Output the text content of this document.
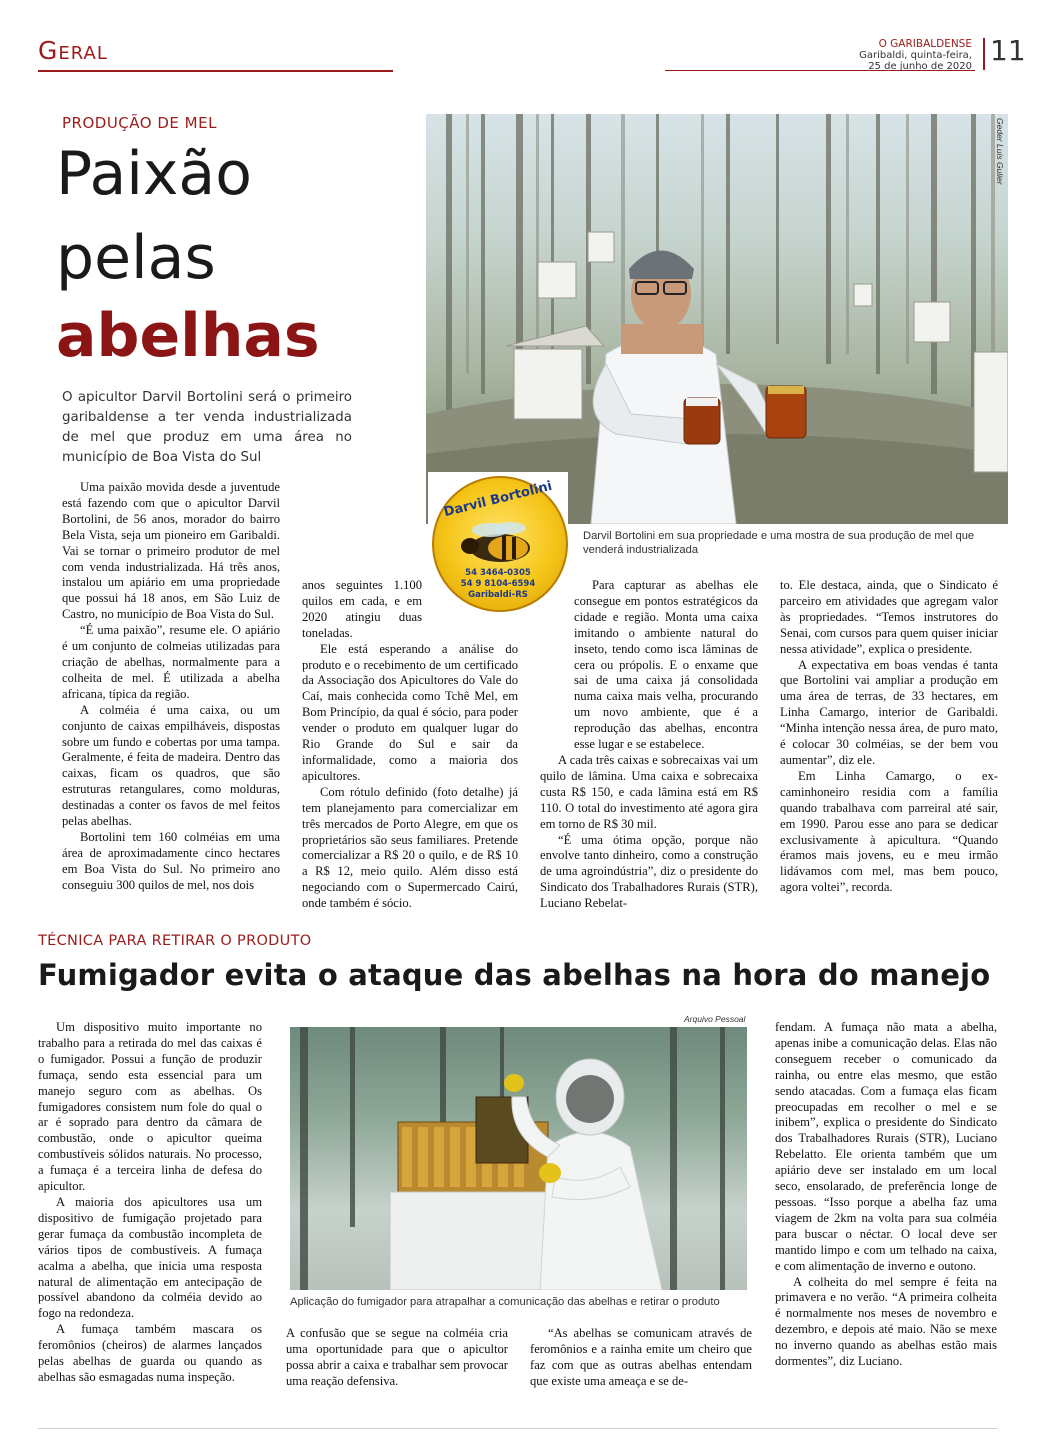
Geral	O GARIBALDENSE
Garibaldi, quinta-feira,
25 de junho de 2020 11
PRODUÇÃO DE MEL
Paixão
pelas
abelhas
O apicultor Darvil Bortolini será o primeiro garibaldense a ter venda industrializada de mel que produz em uma área no município de Boa Vista do Sul
Geder Luis Gulier
Darvil Bortolini em sua propriedade e uma mostra de sua produção de mel que venderá industrializada
Darvil Bortolini
54 3464-0305
54 9 8104-6594
Garibaldi-RS

Uma paixão movida desde a juventude está fazendo com que o apicultor Darvil Bortolini, de 56 anos, morador do bairro Bela Vista, seja um pioneiro em Garibaldi. Vai se tornar o primeiro produtor de mel com venda industrializada. Há três anos, instalou um apiário em uma propriedade que possui há 18 anos, em São Luiz de Castro, no município de Boa Vista do Sul.

“É uma paixão”, resume ele. O apiário é um conjunto de colmeias utilizadas para criação de abelhas, normalmente para a colheita de mel. É utilizada a abelha africana, típica da região.

A colméia é uma caixa, ou um conjunto de caixas empilháveis, dispostas sobre um fundo e cobertas por uma tampa. Geralmente, é feita de madeira. Dentro das caixas, ficam os quadros, que são estruturas retangulares, como molduras, destinadas a conter os favos de mel feitos pelas abelhas.

Bortolini tem 160 colméias em uma área de aproximadamente cinco hectares em Boa Vista do Sul. No primeiro ano conseguiu 300 quilos de mel, nos dois

anos seguintes 1.100 quilos em cada, e em 2020 atingiu duas toneladas.

Ele está esperando a análise do produto e o recebimento de um certificado da Associação dos Apicultores do Vale do Caí, mais conhecida como Tchê Mel, em Bom Princípio, da qual é sócio, para poder vender o produto em qualquer lugar do Rio Grande do Sul e sair da informalidade, como a maioria dos apicultores.

Com rótulo definido (foto detalhe) já tem planejamento para comercializar em três mercados de Porto Alegre, em que os proprietários são seus familiares. Pretende comercializar a R$ 20 o quilo, e de R$ 10 a R$ 12, meio quilo. Além disso está negociando com o Supermercado Cairú, onde também é sócio.

Para capturar as abelhas ele consegue em pontos estratégicos da cidade e região. Monta uma caixa imitando o ambiente natural do inseto, tendo como isca lâminas de cera ou própolis. E o enxame que sai de uma caixa já consolidada numa caixa mais velha, procurando um novo ambiente, que é a reprodução das abelhas, encontra esse lugar e se estabelece.

A cada três caixas e sobrecaixas vai um quilo de lâmina. Uma caixa e sobrecaixa custa R$ 150, e cada lâmina está em R$ 110. O total do investimento até agora gira em torno de R$ 30 mil.

“É uma ótima opção, porque não envolve tanto dinheiro, como a construção de uma agroindústria”, diz o presidente do Sindicato dos Trabalhadores Rurais (STR), Luciano Rebelat-

to. Ele destaca, ainda, que o Sindicato é parceiro em atividades que agregam valor às propriedades. “Temos instrutores do Senai, com cursos para quem quiser iniciar nessa atividade”, explica o presidente.

A expectativa em boas vendas é tanta que Bortolini vai ampliar a produção em uma área de terras, de 33 hectares, em Linha Camargo, interior de Garibaldi. “Minha intenção nessa área, de puro mato, é colocar 30 colméias, se der bem vou aumentar”, diz ele.

Em Linha Camargo, o ex-caminhoneiro residia com a família quando trabalhava com parreiral até sair, em 1990. Parou esse ano para se dedicar exclusivamente à apicultura. “Quando éramos mais jovens, eu e meu irmão lidávamos com mel, mas bem pouco, agora voltei”, recorda.

TÉCNICA PARA RETIRAR O PRODUTO
Fumigador evita o ataque das abelhas na hora do manejo
Arquivo Pessoal
Aplicação do fumigador para atrapalhar a comunicação das abelhas e retirar o produto

Um dispositivo muito importante no trabalho para a retirada do mel das caixas é o fumigador. Possui a função de produzir fumaça, sendo esta essencial para um manejo seguro com as abelhas. Os fumigadores consistem num fole do qual o ar é soprado para dentro da câmara de combustão, onde o apicultor queima combustíveis sólidos naturais. No processo, a fumaça é a terceira linha de defesa do apicultor.

A maioria dos apicultores usa um dispositivo de fumigação projetado para gerar fumaça da combustão incompleta de vários tipos de combustíveis. A fumaça acalma a abelha, que inicia uma resposta natural de alimentação em antecipação de possível abandono da colméia devido ao fogo na redondeza.

A fumaça também mascara os feromônios (cheiros) de alarmes lançados pelas abelhas de guarda ou quando as abelhas são esmagadas numa inspeção.

A confusão que se segue na colméia cria uma oportunidade para que o apicultor possa abrir a caixa e trabalhar sem provocar uma reação defensiva.

“As abelhas se comunicam através de feromônios e a rainha emite um cheiro que faz com que as outras abelhas entendam que existe uma ameaça e se de-

fendam. A fumaça não mata a abelha, apenas inibe a comunicação delas. Elas não conseguem receber o comunicado da rainha, ou entre elas mesmo, que estão sendo atacadas. Com a fumaça elas ficam preocupadas em recolher o mel e se inibem”, explica o presidente do Sindicato dos Trabalhadores Rurais (STR), Luciano Rebelatto. Ele orienta também que um apiário deve ser instalado em um local seco, ensolarado, de preferência longe de pessoas. “Isso porque a abelha faz uma viagem de 2km na volta para sua colméia para buscar o néctar. O local deve ser mantido limpo e com um telhado na caixa, e com alimentação de inverno e outono.

A colheita do mel sempre é feita na primavera e no verão. “A primeira colheita é normalmente nos meses de novembro e dezembro, e depois até maio. Não se mexe no inverno quando as abelhas estão mais dormentes”, diz Luciano.
